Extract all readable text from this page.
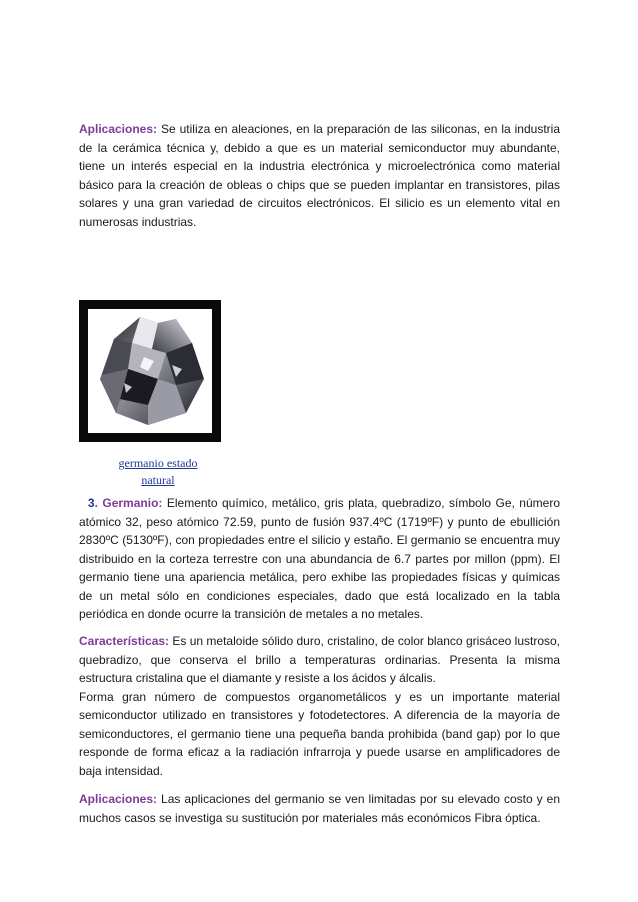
Aplicaciones: Se utiliza en aleaciones, en la preparación de las siliconas, en la industria de la cerámica técnica y, debido a que es un material semiconductor muy abundante, tiene un interés especial en la industria electrónica y microelectrónica como material básico para la creación de obleas o chips que se pueden implantar en transistores, pilas solares y una gran variedad de circuitos electrónicos. El silicio es un elemento vital en numerosas industrias.

germanio estado natural

3. Germanio: Elemento químico, metálico, gris plata, quebradizo, símbolo Ge, número atómico 32, peso atómico 72.59, punto de fusión 937.4ºC (1719ºF) y punto de ebullición 2830ºC (5130ºF), con propiedades entre el silicio y estaño. El germanio se encuentra muy distribuido en la corteza terrestre con una abundancia de 6.7 partes por millon (ppm). El germanio tiene una apariencia metálica, pero exhibe las propiedades físicas y químicas de un metal sólo en condiciones especiales, dado que está localizado en la tabla periódica en donde ocurre la transición de metales a no metales.

Características: Es un metaloide sólido duro, cristalino, de color blanco grisáceo lustroso, quebradizo, que conserva el brillo a temperaturas ordinarias. Presenta la misma estructura cristalina que el diamante y resiste a los ácidos y álcalis.
Forma gran número de compuestos organometálicos y es un importante material semiconductor utilizado en transistores y fotodetectores. A diferencia de la mayoría de semiconductores, el germanio tiene una pequeña banda prohibida (band gap) por lo que responde de forma eficaz a la radiación infrarroja y puede usarse en amplificadores de baja intensidad.

Aplicaciones: Las aplicaciones del germanio se ven limitadas por su elevado costo y en muchos casos se investiga su sustitución por materiales más económicos Fibra óptica.
